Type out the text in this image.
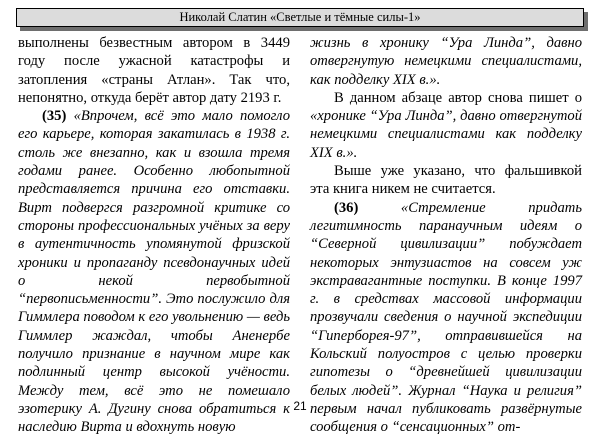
Николай Слатин «Светлые и тёмные силы-1»

выполнены безвестным автором в 3449 году после ужасной катастрофы и затопления «страны Атлан». Так что, непонятно, откуда берёт автор дату 2193 г.

(35) «Впрочем, всё это мало помогло его карьере, которая закатилась в 1938 г. столь же внезапно, как и взошла тремя годами ранее. Особенно любопытной представляется причина его отставки. Вирт подвергся разгромной критике со стороны профессиональных учёных за веру в аутентичность упомянутой фризской хроники и пропаганду псевдонаучных идей о некой первобытной “первописьменности”. Это послужило для Гиммлера поводом к его увольнению — ведь Гиммлер жаждал, чтобы Аненербе получило признание в научном мире как подлинный центр высокой учёности. Между тем, всё это не помешало эзотерику А. Дугину снова обратиться к наследию Вирта и вдохнуть новую

жизнь в хронику “Ура Линда”, давно отвергнутую немецкими специалистами, как подделку XIX в.».

В данном абзаце автор снова пишет о «хронике “Ура Линда”, давно отвергнутой немецкими специалистами как подделку XIX в.».

Выше уже указано, что фальшивкой эта книга никем не считается.

(36)	«Стремление придать легитимность паранаучным идеям о “Северной цивилизации” побуждает некоторых энтузиастов на совсем уж экстравагантные поступки. В конце 1997 г. в средствах массовой информации прозвучали сведения о научной экспедиции “Гиперборея-97”, отправившейся на Кольский полуостров с целью проверки гипотезы о “древнейшей цивилизации белых людей”. Журнал “Наука и религия” первым начал публиковать развёрнутые сообщения о “сенсационных” от-

21
